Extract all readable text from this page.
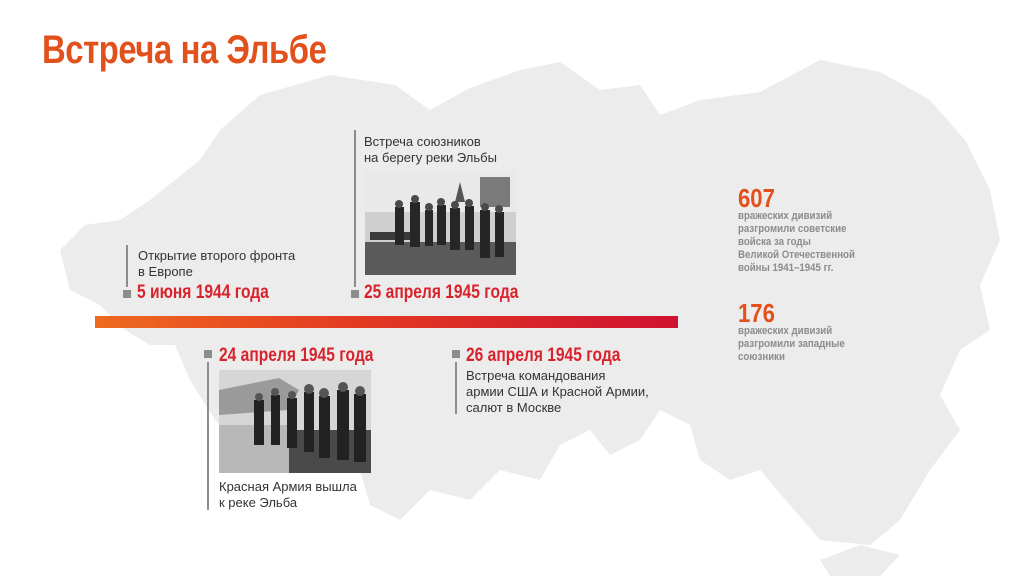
Встреча на Эльбе
Открытие второго фронта
в Европе
5 июня 1944 года
Встреча союзников
на берегу реки Эльбы
25 апреля 1945 года
24 апреля 1945 года
Красная Армия вышла
к реке Эльба
26 апреля 1945 года
Встреча командования
армии США и Красной Армии,
салют в Москве
607
вражеских дивизий
разгромили советские
войска за годы
Великой Отечественной
войны 1941–1945 гг.
176
вражеских дивизий
разгромили западные
союзники
